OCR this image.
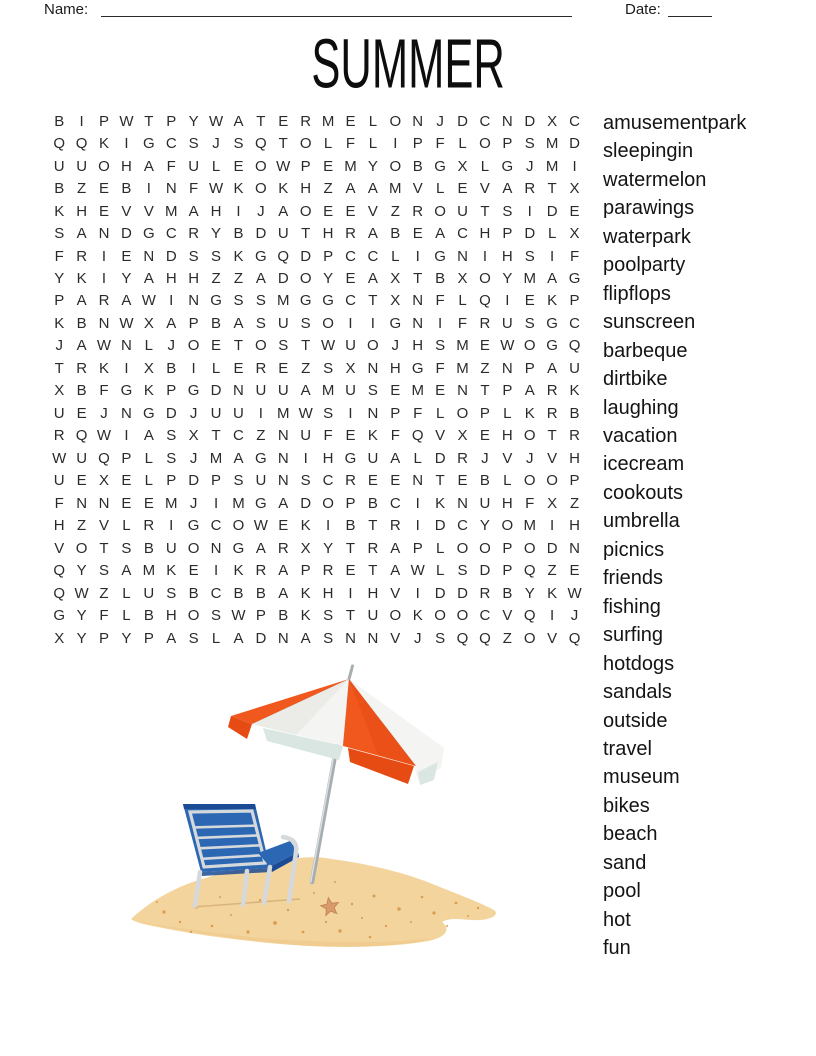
Name:	Date:
SUMMER
B	I	P W T P Y W A T E R M E L O N J D C N D X C
Q Q K	I G C S J S Q T O L F L	I	P F L O P S M D
U U O H A F U L E O W P E M Y O B G X L G J M I
B Z E B	I N F W K O K H Z A A M V L E V A R T X
K H E V V M A H I	J A O E E V Z R O U T S	I D E
S A N D G C R Y B D U T H R A B E A C H P D L X
F R I	E N D S S K G Q D P C C L	I G N I H S	I	F
Y K	I	Y A H H Z Z A D O Y E A X T B X O Y M A G
P A R A W I N G S S M G G C T X N F L Q I	E K P
K B N W X A P B A S U S O I	I G N I	F R U S G C
J A W N L J O E T O S T W U O J H S M E W O G Q
T R K	I	X B	I	L E R E Z S X N H G F M Z N P A U
X B F G K P G D N U U A M U S E M E N T P A R K
U E J N G D J U U I M W S	I N P F L O P L K R B
R Q W I	A S X T C Z N U F E K F Q V X E H O T R
W U Q P L S J M A G N I H G U A L D R J V J V H
U E X E L P D P S U N S C R E E N T E B L O O P
F N N E E M J	I M G A D O P B C I	K N U H F X Z
H Z V L R I G C O W E K	I	B T R I D C Y O M I H
V O T S B U O N G A R X Y T R A P L O O P O D N
Q Y S A M K E	I	K R A P R E T A W L S D P Q Z E
Q W Z L U S B C B B A K H I H V	I D D R B Y K W
G Y F L B H O S W P B K S T U O K O O C V Q I	J
X Y P Y P A S L A D N A S N N V J S Q Q Z O V Q
amusementpark
sleepingin
watermelon
parawings
waterpark
poolparty
flipflops
sunscreen
barbeque
dirtbike
laughing
vacation
icecream
cookouts
umbrella
picnics
friends
fishing
surfing
hotdogs
sandals
outside
travel
museum
bikes
beach
sand
pool
hot
fun
